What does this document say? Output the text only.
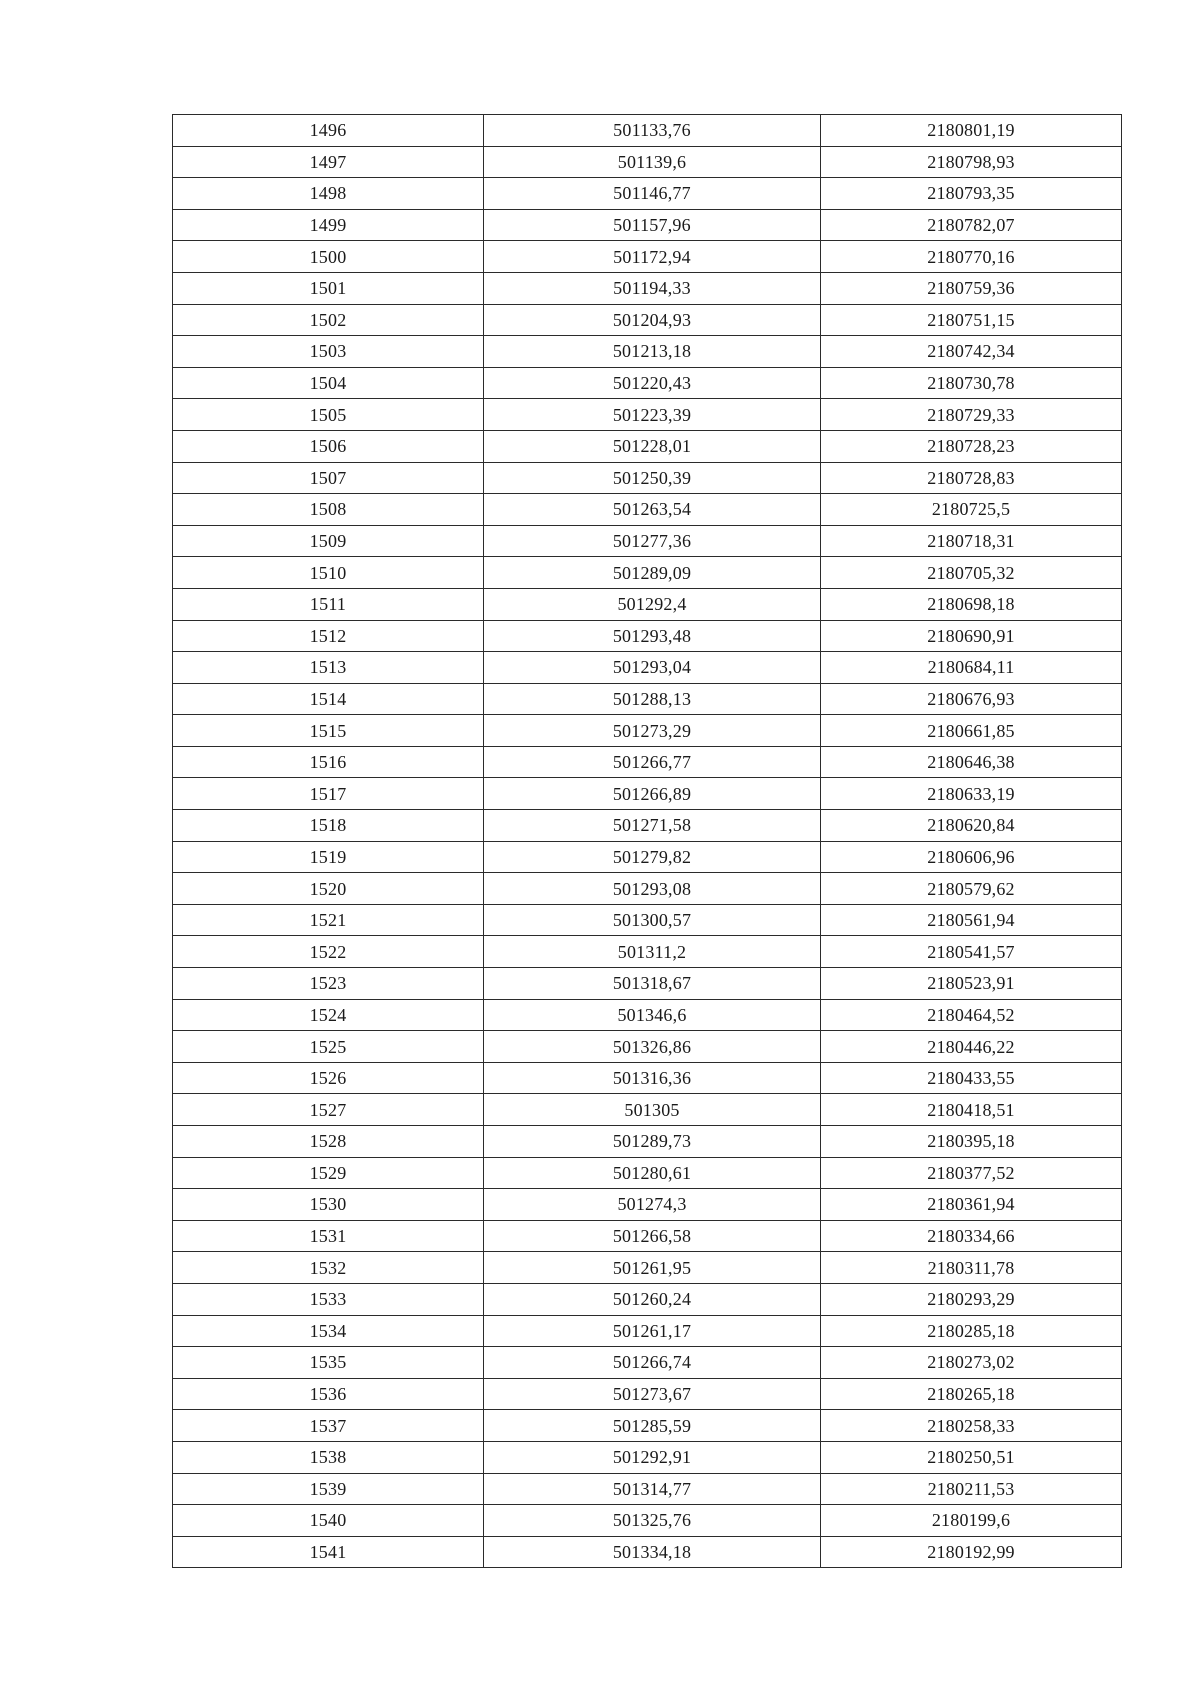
1496	501133,76	2180801,19
1497	501139,6	2180798,93
1498	501146,77	2180793,35
1499	501157,96	2180782,07
1500	501172,94	2180770,16
1501	501194,33	2180759,36
1502	501204,93	2180751,15
1503	501213,18	2180742,34
1504	501220,43	2180730,78
1505	501223,39	2180729,33
1506	501228,01	2180728,23
1507	501250,39	2180728,83
1508	501263,54	2180725,5
1509	501277,36	2180718,31
1510	501289,09	2180705,32
1511	501292,4	2180698,18
1512	501293,48	2180690,91
1513	501293,04	2180684,11
1514	501288,13	2180676,93
1515	501273,29	2180661,85
1516	501266,77	2180646,38
1517	501266,89	2180633,19
1518	501271,58	2180620,84
1519	501279,82	2180606,96
1520	501293,08	2180579,62
1521	501300,57	2180561,94
1522	501311,2	2180541,57
1523	501318,67	2180523,91
1524	501346,6	2180464,52
1525	501326,86	2180446,22
1526	501316,36	2180433,55
1527	501305	2180418,51
1528	501289,73	2180395,18
1529	501280,61	2180377,52
1530	501274,3	2180361,94
1531	501266,58	2180334,66
1532	501261,95	2180311,78
1533	501260,24	2180293,29
1534	501261,17	2180285,18
1535	501266,74	2180273,02
1536	501273,67	2180265,18
1537	501285,59	2180258,33
1538	501292,91	2180250,51
1539	501314,77	2180211,53
1540	501325,76	2180199,6
1541	501334,18	2180192,99
